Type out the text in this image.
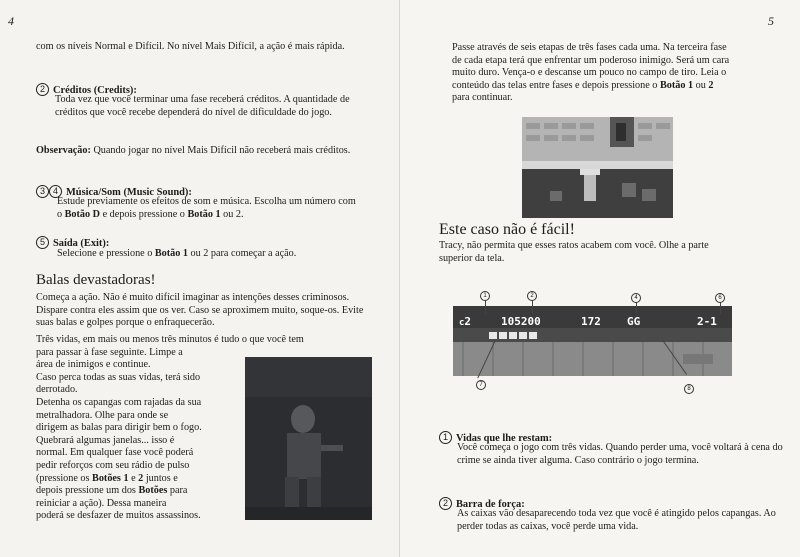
4

com os níveis Normal e Difícil. No nível Mais Difícil, a ação é mais rápida.

2 Créditos (Credits):

Toda vez que você terminar uma fase receberá créditos. A quantidade de créditos que você recebe dependerá do nível de dificuldade do jogo.

Observação: Quando jogar no nível Mais Difícil não receberá mais créditos.

3 4 Música/Som (Music Sound):

Estude previamente os efeitos de som e música. Escolha um número com o Botão D e depois pressione o Botão 1 ou 2.

5 Saída (Exit):

Selecione e pressione o Botão 1 ou 2 para começar a ação.

Balas devastadoras!

Começa a ação. Não é muito difícil imaginar as intenções desses criminosos. Dispare contra eles assim que os ver. Caso se aproximem muito, soque-os. Evite suas balas e golpes porque o enfraquecerão.

Três vidas, em mais ou menos três minutos é tudo o que você tem
para passar à fase seguinte. Limpe a
área de inimigos e continue.
Caso perca todas as suas vidas, terá sido
derrotado.
Detenha os capangas com rajadas da sua
metralhadora. Olhe para onde se
dirigem as balas para dirigir bem o fogo.
Quebrará algumas janelas... isso é
normal. Em qualquer fase você poderá
pedir reforços com seu rádio de pulso
(pressione os Botões 1 e 2 juntos e
depois pressione um dos Botões para
reiniciar a ação). Dessa maneira
poderá se desfazer de muitos assassinos.
5
Passe através de seis etapas de três fases cada uma. Na terceira fase
de cada etapa terá que enfrentar um poderoso inimigo. Será um cara
muito duro. Vença-o e descanse um pouco no campo de tiro. Leia o
conteúdo das telas entre fases e depois pressione o Botão 1 ou 2
para continuar.
Este caso não é fácil!
Tracy, não permita que esses ratos acabem com você. Olhe a parte
superior da tela.
c2	105200	172 GG	2-1
1	2	4	6
7
8
1 Vidas que lhe restam:

Você começa o jogo com três vidas. Quando perder uma, você voltará à cena do crime se ainda tiver alguma. Caso contrário o jogo termina.

2 Barra de força:

As caixas vão desaparecendo toda vez que você é atingido pelos capangas. Ao perder todas as caixas, você perde uma vida.
